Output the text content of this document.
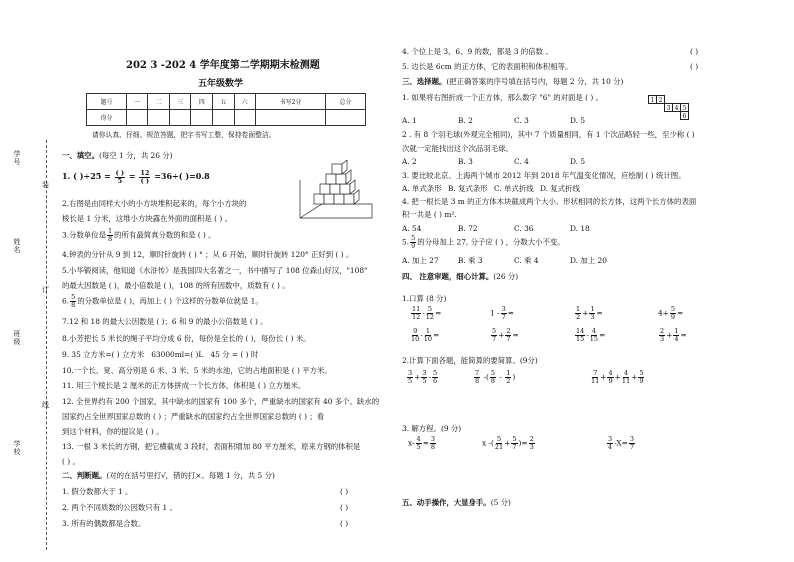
学号
姓名
班级
学校
装
订
线
202 3 -202 4 学年度第二学期期末检测题
五年级数学
题号	一	二	三	四	五	六	书写2分	总分
得分								
请你认真、仔细、规范答题，把字书写工整，保持卷面整洁。
一、填空。(每空 1 分，共 26 分)
1. ( )$\div 25 = \frac{( )}{5} = \frac{12}{( )} =36\div$( )=0.8
2.右图是由同样大小的小方块堆积起来的，每个小方块的
棱长是 1 分米，这堆小方块露在外面的面积是 ( ) 。
3.分数单位是 $\frac{1}{8}$ 的所有最简真分数的和是 ( ) 。
4.钟表的分针从 9 到 12，顺时针旋转 ( ) ° ；从 6 开始，顺时针旋转 120° 正好到 ( ) 。
5.小华锻阅读，他知道《水浒传》是我国四大名著之一，书中描写了 108 位森山好汉，"108"
的最大因数是 ( )，最小倍数是 ( )，108 的所有因数中，质数有 ( ) 。
6. $\frac{5}{8}$ 的分数单位是 ( )，再加上 ( ) 个这样的分数单位就是 1。
7.12 和 18 的最大公因数是 ( )；6 和 9 的最小公倍数是 ( ) 。
8.小芳把长 5 米长的绳子平均分成 6 份，每份是全长的 ( )，每份长 ( ) 米。
9. 35 立方米=( ) 立方米 63000ml=( )L 45 分 = ( ) 时
10.一个长、宽、高分别是 6 米、3 米、5 米的水池，它的占地面积是 ( ) 平方米。
11. 用三个棱长是 2 厘米的正方体拼成一个长方体，体积是 ( ) 立方厘米。
12. 全世界约有 200 个国家，其中缺水的国家有 100 多个，严重缺水的国家有 40 多个。缺水的
国家约占全世界国家总数的 ( ) ；严重缺水的国家约占全世界国家总数的 ( ) ；看
到这个材料，你的提议是 ( ) 。
13. 一根 3 米长的方钢，把它横截成 3 段时，表面积增加 80 平方厘米，原来方钢的体积是
( ) 。
二、判断题。(对的在括号里打√，错的打×。每题 1 分，共 5 分)
1. 假分数都大于 1 。	( )
2. 两个不同质数的公因数只有 1 。	( )
3. 所有的偶数都是合数。	( )
4. 个位上是 3、6、9 的数，都是 3 的倍数 。	( )
5. 边长是 6cm 的正方体，它的表面积和体积相等。	( )
三、选择题。(把正确答案的序号填在括号内，每题 2 分，共 10 分)
1. 如果将右图折成一个正方体，那么数字 "6" 的对面是 ( ) 。	1 2
3 4 5
6
A. 1	B. 2	C. 3	D. 5
2 . 有 8 个羽毛球(外观完全相同)，其中 7 个质量相同，有 1 个次品略轻一些，至少称 ( )
次就一定能找出这个次品羽毛球。
A. 2	B. 3	C. 4	D. 5
3. 要比较北京、上海两个城市 2012 年到 2018 年气温变化情况，应绘制 ( ) 统计图。
A. 单式条形 B. 复式条形 C. 单式折线 D. 复式折线
4. 把一根长是 3 m 的正方体木块截成两个大小、形状相同的长方体，这两个长方体的表面
积一共是 ( ) m².
A. 54	B. 72	C. 36	D. 18
5. $\frac{5}{9}$ 的分母加上 27, 分子应 ( ) ，分数大小不变。
A. 加上 27	B. 乘 3	C. 乘 4	D. 加上 20
四、 注意审题，细心计算。(26 分)
1.口算 (8 分)
$\frac{11}{12} - \frac{5}{12}$ =	$1 - \frac{3}{7}$ =	$\frac{1}{2} + \frac{1}{3}$ =	$4+ \frac{5}{9}$ =
$\frac{9}{10} - \frac{1}{10}$ =	$\frac{5}{7} + \frac{2}{7}$ =	$\frac{14}{15} - \frac{4}{15}$ =	$\frac{2}{3} + \frac{1}{4}$ =
2.计算下面各题，能简算的要简算。(9分)
$\frac{3}{5} + \frac{3}{5} - \frac{5}{6}$	$\frac{7}{8}$ -( $\frac{5}{8} - \frac{1}{2}$ )	$\frac{7}{11} + \frac{4}{9} + \frac{4}{11} + \frac{5}{9}$
3. 解方程。(9 分)
$x- \frac{4}{5} = \frac{3}{8}$	x -( $\frac{5}{21} + \frac{5}{7}$ )= $\frac{2}{3}$	$\frac{3}{4} -X= \frac{3}{7}$
五、动手操作，大显身手。(5 分)
